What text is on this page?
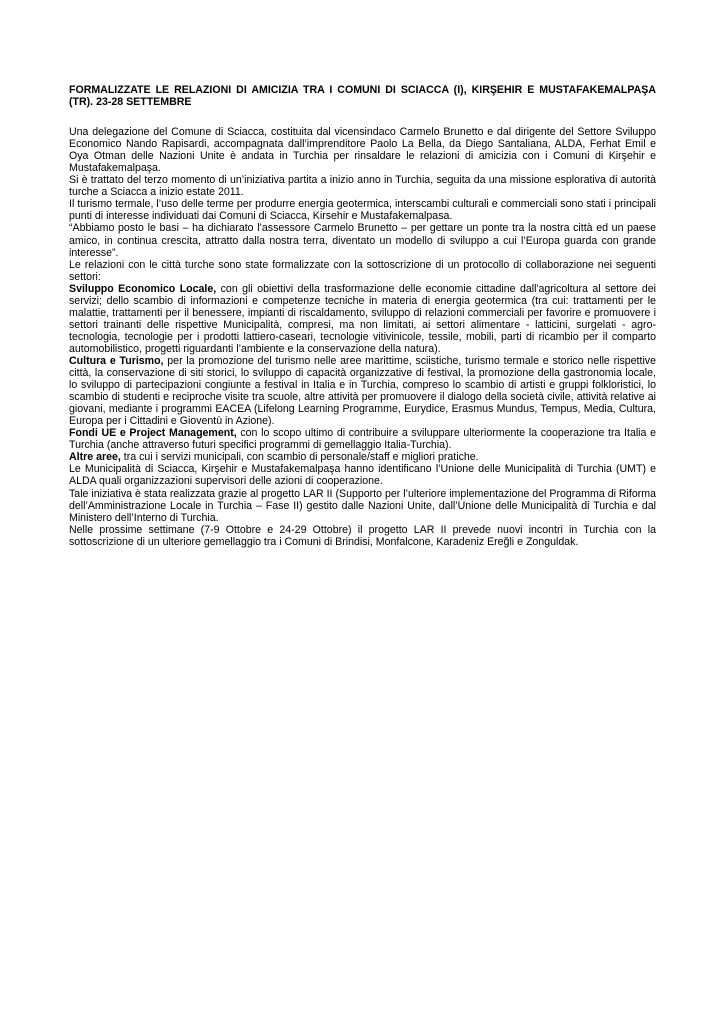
FORMALIZZATE LE RELAZIONI DI AMICIZIA TRA I COMUNI DI SCIACCA (I), KIRŞEHIR E MUSTAFAKEMALPAŞA (TR). 23-28 SETTEMBRE

Una delegazione del Comune di Sciacca, costituita dal vicensindaco Carmelo Brunetto e dal dirigente del Settore Sviluppo Economico Nando Rapisardi, accompagnata dall’imprenditore Paolo La Bella, da Diego Santaliana, ALDA, Ferhat Emil e Oya Otman delle Nazioni Unite è andata in Turchia per rinsaldare le relazioni di amicizia con i Comuni di Kirşehir e Mustafakemalpaşa.

Si è trattato del terzo momento di un’iniziativa partita a inizio anno in Turchia, seguita da una missione esplorativa di autorità turche a Sciacca a inizio estate 2011.

Il turismo termale, l’uso delle terme per produrre energia geotermica, interscambi culturali e commerciali sono stati i principali punti di interesse individuati dai Comuni di Sciacca, Kirsehir e Mustafakemalpasa.

“Abbiamo posto le basi – ha dichiarato l’assessore Carmelo Brunetto – per gettare un ponte tra la nostra città ed un paese amico, in continua crescita, attratto dalla nostra terra, diventato un modello di sviluppo a cui l’Europa guarda con grande interesse”.

Le relazioni con le città turche sono state formalizzate con la sottoscrizione di un protocollo di collaborazione nei seguenti settori:

Sviluppo Economico Locale, con gli obiettivi della trasformazione delle economie cittadine dall'agricoltura al settore dei servizi; dello scambio di informazioni e competenze tecniche in materia di energia geotermica (tra cui: trattamenti per le malattie, trattamenti per il benessere, impianti di riscaldamento, sviluppo di relazioni commerciali per favorire e promuovere i settori trainanti delle rispettive Municipalità, compresi, ma non limitati, ai settori alimentare - latticini, surgelati - agro-tecnologia, tecnologie per i prodotti lattiero-caseari, tecnologie vitivinicole, tessile, mobili, parti di ricambio per il comparto automobilistico, progetti riguardanti l’ambiente e la conservazione della natura).

Cultura e Turismo, per la promozione del turismo nelle aree marittime, sciistiche, turismo termale e storico nelle rispettive città, la conservazione di siti storici, lo sviluppo di capacità organizzative di festival, la promozione della gastronomia locale, lo sviluppo di partecipazioni congiunte a festival in Italia e in Turchia, compreso lo scambio di artisti e gruppi folkloristici, lo scambio di studenti e reciproche visite tra scuole, altre attività per promuovere il dialogo della società civile, attività relative ai giovani, mediante i programmi EACEA (Lifelong Learning Programme, Eurydice, Erasmus Mundus, Tempus, Media, Cultura, Europa per i Cittadini e Gioventù in Azione).

Fondi UE e Project Management, con lo scopo ultimo di contribuire a sviluppare ulteriormente la cooperazione tra Italia e Turchia (anche attraverso futuri specifici programmi di gemellaggio Italia-Turchia).

Altre aree, tra cui i servizi municipali, con scambio di personale/staff e migliori pratiche.

Le Municipalità di Sciacca, Kirşehir e Mustafakemalpaşa hanno identificano l’Unione delle Municipalità di Turchia (UMT) e ALDA quali organizzazioni supervisori delle azioni di cooperazione.

Tale iniziativa è stata realizzata grazie al progetto LAR II (Supporto per l’ulteriore implementazione del Programma di Riforma dell’Amministrazione Locale in Turchia – Fase II) gestito dalle Nazioni Unite, dall’Unione delle Municipalità di Turchia e dal Ministero dell’Interno di Turchia.

Nelle prossime settimane (7-9 Ottobre e 24-29 Ottobre) il progetto LAR II prevede nuovi incontri in Turchia con la sottoscrizione di un ulteriore gemellaggio tra i Comuni di Brindisi, Monfalcone, Karadeniz Ereğli e Zonguldak.
